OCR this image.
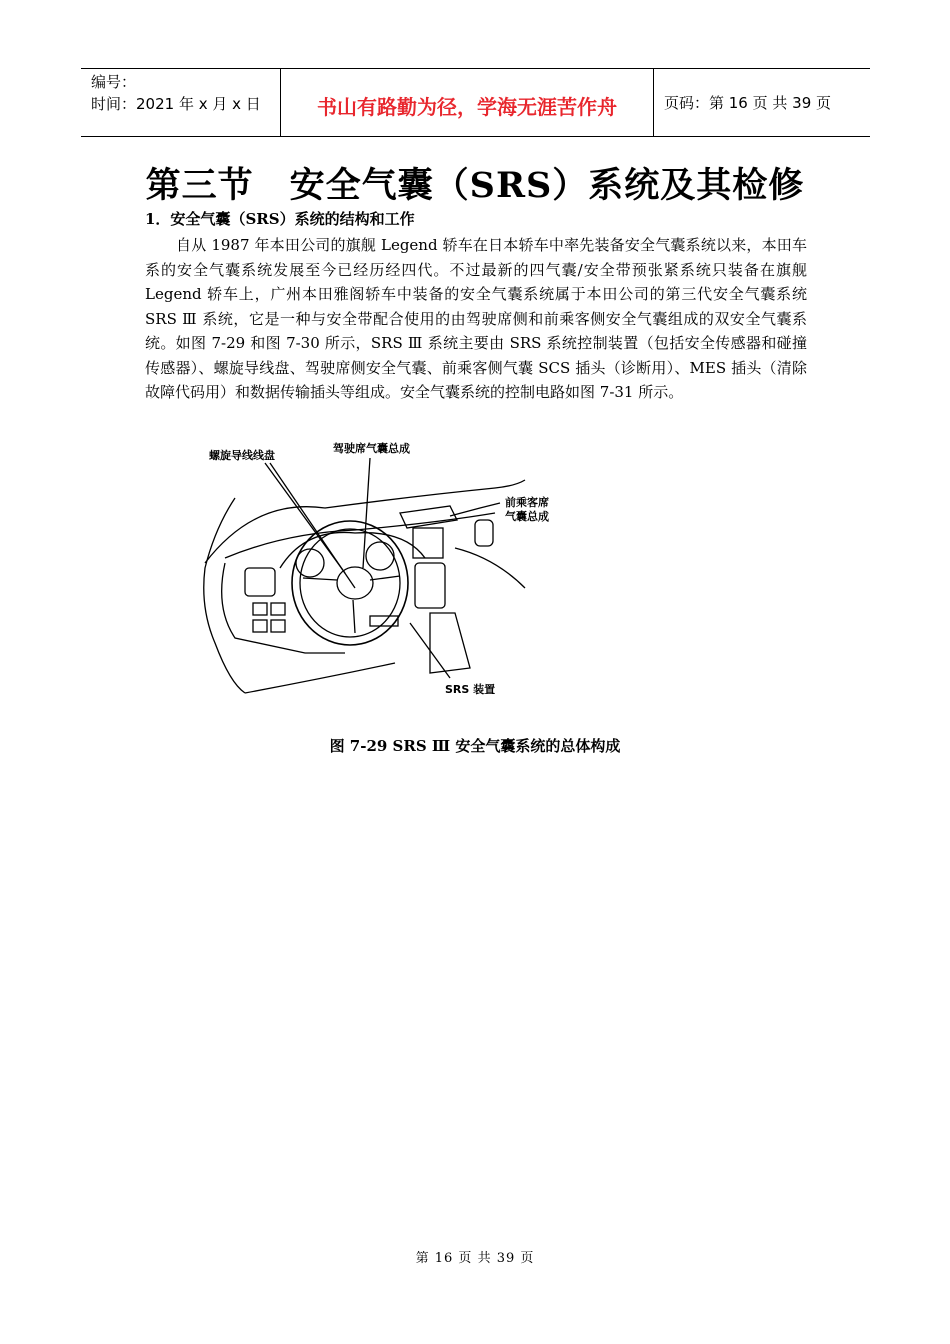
编号：
时间：2021 年 x 月 x 日	书山有路勤为径，学海无涯苦作舟	页码：第 16 页 共 39 页
第三节　安全气囊（SRS）系统及其检修
1．安全气囊（SRS）系统的结构和工作
自从 1987 年本田公司的旗舰 Legend 轿车在日本轿车中率先装备安全气囊系统以来，本田车系的安全气囊系统发展至今已经历经四代。不过最新的四气囊/安全带预张紧系统只装备在旗舰 Legend 轿车上，广州本田雅阁轿车中装备的安全气囊系统属于本田公司的第三代安全气囊系统 SRS Ⅲ 系统，它是一种与安全带配合使用的由驾驶席侧和前乘客侧安全气囊组成的双安全气囊系统。如图 7-29 和图 7-30 所示，SRS Ⅲ 系统主要由 SRS 系统控制装置（包括安全传感器和碰撞传感器）、螺旋导线盘、驾驶席侧安全气囊、前乘客侧气囊 SCS 插头（诊断用）、MES 插头（清除故障代码用）和数据传输插头等组成。安全气囊系统的控制电路如图 7-31 所示。
螺旋导线线盘
驾驶席气囊总成
前乘客席
气囊总成
SRS 装置
图 7-29 SRS Ⅲ 安全气囊系统的总体构成
第 16 页 共 39 页
